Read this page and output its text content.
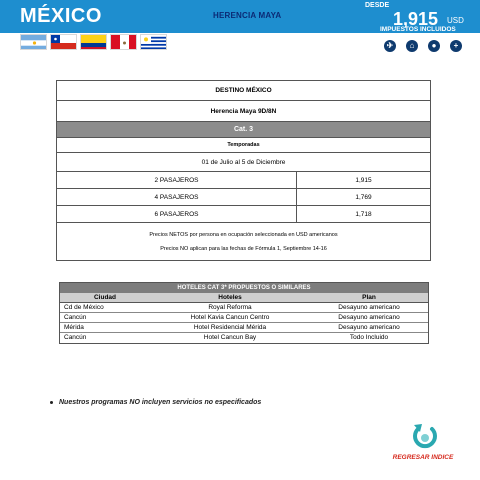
MÉXICO	HERENCIA MAYA
DESDE
1,915 USD
IMPUESTOS INCLUIDOS
✈	⌂	●	+
DESTINO MÉXICO
Herencia Maya 9D/8N
Cat. 3
Temporadas
01 de Julio al 5 de Diciembre
2 PASAJEROS	1,915
4 PASAJEROS	1,769
6 PASAJEROS	1,718
Precios NETOS por persona en ocupación seleccionada en USD americanos
Precios NO aplican para las fechas de Fórmula 1, Septiembre 14-16
HOTELES CAT 3* PROPUESTOS O SIMILARES
Ciudad	Hoteles	Plan
Cd de México	Royal Reforma	Desayuno americano
Cancún	Hotel Kavia Cancun Centro	Desayuno americano
Mérida	Hotel Residencial Mérida	Desayuno americano
Cancún	Hotel Cancun Bay	Todo Incluido
Nuestros programas NO incluyen servicios no especificados
REGRESAR INDICE
